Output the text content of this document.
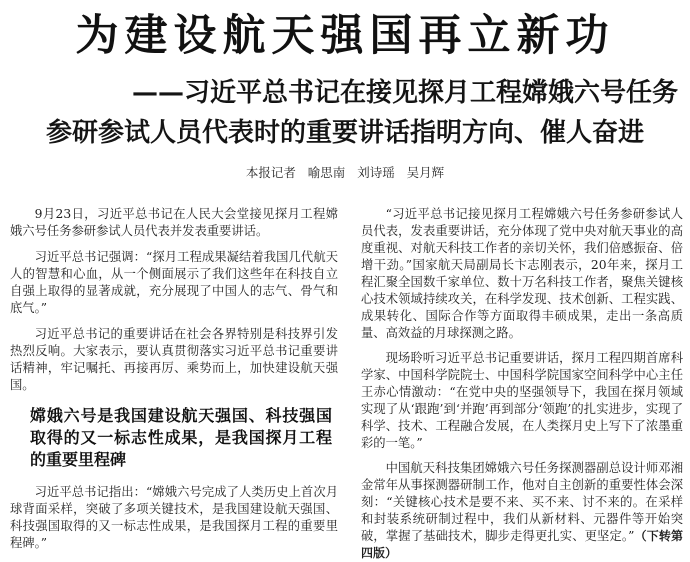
为建设航天强国再立新功
——习近平总书记在接见探月工程嫦娥六号任务
参研参试人员代表时的重要讲话指明方向、催人奋进
本报记者   喻思南   刘诗瑶   吴月辉

9月23日，习近平总书记在人民大会堂接见探月工程嫦娥六号任务参研参试人员代表并发表重要讲话。

习近平总书记强调：“探月工程成果凝结着我国几代航天人的智慧和心血，从一个侧面展示了我们这些年在科技自立自强上取得的显著成就，充分展现了中国人的志气、骨气和底气。”

习近平总书记的重要讲话在社会各界特别是科技界引发热烈反响。大家表示，要认真贯彻落实习近平总书记重要讲话精神，牢记嘱托、再接再厉、乘势而上，加快建设航天强国。

嫦娥六号是我国建设航天强国、科技强国取得的又一标志性成果，是我国探月工程的重要里程碑

习近平总书记指出：“嫦娥六号完成了人类历史上首次月球背面采样，突破了多项关键技术，是我国建设航天强国、科技强国取得的又一标志性成果，是我国探月工程的重要里程碑。”

“习近平总书记接见探月工程嫦娥六号任务参研参试人员代表，发表重要讲话，充分体现了党中央对航天事业的高度重视、对航天科技工作者的亲切关怀，我们倍感振奋、倍增干劲。”国家航天局副局长卞志刚表示，20年来，探月工程汇聚全国数千家单位、数十万名科技工作者，聚焦关键核心技术领域持续攻关，在科学发现、技术创新、工程实践、成果转化、国际合作等方面取得丰硕成果，走出一条高质量、高效益的月球探测之路。

现场聆听习近平总书记重要讲话，探月工程四期首席科学家、中国科学院院士、中国科学院国家空间科学中心主任王赤心情激动：“在党中央的坚强领导下，我国在探月领域实现了从‘跟跑’到‘并跑’再到部分‘领跑’的扎实进步，实现了科学、技术、工程融合发展，在人类探月史上写下了浓墨重彩的一笔。”

中国航天科技集团嫦娥六号任务探测器副总设计师邓湘金常年从事探测器研制工作，他对自主创新的重要性体会深刻：“关键核心技术是要不来、买不来、讨不来的。在采样和封装系统研制过程中，我们从新材料、元器件等开始突破，掌握了基础技术，脚步走得更扎实、更坚定。”（下转第四版）
